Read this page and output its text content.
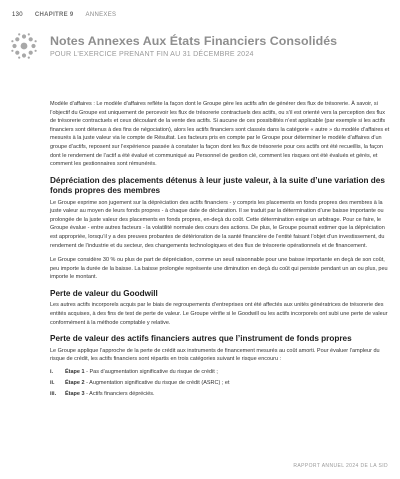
130 CHAPITRE 9 ANNEXES
Notes Annexes Aux États Financiers Consolidés
POUR L’EXERCICE PRENANT FIN AU 31 DÉCEMBRE 2024

Modèle d’affaires : Le modèle d’affaires reflète la façon dont le Groupe gère les actifs afin de générer des flux de trésorerie. À savoir, si l’objectif du Groupe est uniquement de percevoir les flux de trésorerie contractuels des actifs, ou s’il est orienté vers la perception des flux de trésorerie contractuels et ceux découlant de la vente des actifs. Si aucune de ces possibilités n’est applicable (par exemple si les actifs financiers sont détenus à des fins de négociation), alors les actifs financiers sont classés dans la catégorie « autre » du modèle d’affaires et mesurés à la juste valeur via le compte de Résultat. Les facteurs pris en compte par le Groupe pour déterminer le modèle d’affaires d’un groupe d’actifs, reposent sur l’expérience passée à constater la façon dont les flux de trésorerie pour ces actifs ont été recueillis, la façon dont le rendement de l’actif a été évalué et communiqué au Personnel de gestion clé, comment les risques ont été évalués et gérés, et comment les gestionnaires sont rémunérés.

Dépréciation des placements détenus à leur juste valeur, à la suite d’une variation des fonds propres des membres

Le Groupe exprime son jugement sur la dépréciation des actifs financiers - y compris les placements en fonds propres des membres à la juste valeur au moyen de leurs fonds propres - à chaque date de déclaration. Il se traduit par la détermination d’une baisse importante ou prolongée de la juste valeur des placements en fonds propres, en-deçà du coût. Cette détermination exige un arbitrage. Pour ce faire, le Groupe évalue - entre autres facteurs - la volatilité normale des cours des actions. De plus, le Groupe pourrait estimer que la dépréciation est appropriée, lorsqu’il y a des preuves probantes de détérioration de la santé financière de l’entité faisant l’objet d’un investissement, du rendement de l’industrie et du secteur, des changements technologiques et des flux de trésorerie opérationnels et de financement.

Le Groupe considère 30 % ou plus de part de dépréciation, comme un seuil raisonnable pour une baisse importante en deçà de son coût, peu importe la durée de la baisse. La baisse prolongée représente une diminution en deçà du coût qui persiste pendant un an ou plus, peu importe le montant.

Perte de valeur du Goodwill

Les autres actifs incorporels acquis par le biais de regroupements d’entreprises ont été affectés aux unités génératrices de trésorerie des entités acquises, à des fins de test de perte de valeur. Le Groupe vérifie si le Goodwill ou les actifs incorporels ont subi une perte de valeur conformément à la méthode comptable y relative.

Perte de valeur des actifs financiers autres que l’instrument de fonds propres

Le Groupe applique l’approche de la perte de crédit aux instruments de financement mesurés au coût amorti. Pour évaluer l’ampleur du risque de crédit, les actifs financiers sont répartis en trois catégories suivant le risque encouru :

i.	Étape 1 - Pas d’augmentation significative du risque de crédit ;
ii.	Étape 2 - Augmentation significative du risque de crédit (ASRC) ; et
iii.	Étape 3 - Actifs financiers dépréciés.
RAPPORT ANNUEL 2024 DE LA SID
